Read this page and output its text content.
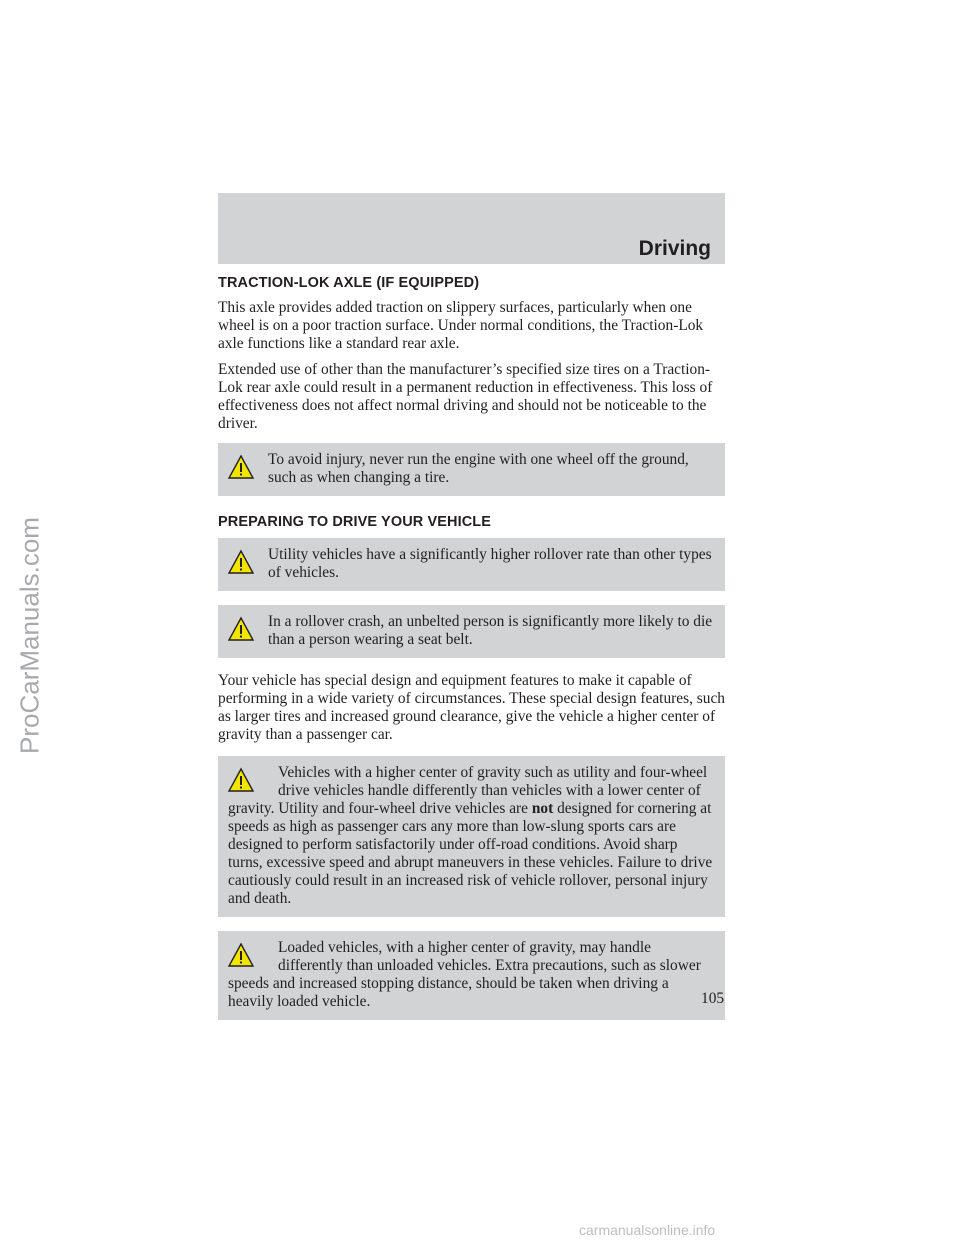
ProCarManuals.com
Driving
TRACTION-LOK AXLE (IF EQUIPPED)

This axle provides added traction on slippery surfaces, particularly when one wheel is on a poor traction surface. Under normal conditions, the Traction-Lok axle functions like a standard rear axle.

Extended use of other than the manufacturer’s specified size tires on a Traction-Lok rear axle could result in a permanent reduction in effectiveness. This loss of effectiveness does not affect normal driving and should not be noticeable to the driver.

To avoid injury, never run the engine with one wheel off the ground, such as when changing a tire.
PREPARING TO DRIVE YOUR VEHICLE
Utility vehicles have a significantly higher rollover rate than other types of vehicles.
In a rollover crash, an unbelted person is significantly more likely to die than a person wearing a seat belt.

Your vehicle has special design and equipment features to make it capable of performing in a wide variety of circumstances. These special design features, such as larger tires and increased ground clearance, give the vehicle a higher center of gravity than a passenger car.

Vehicles with a higher center of gravity such as utility and four-wheel drive vehicles handle differently than vehicles with a lower center of gravity. Utility and four-wheel drive vehicles are not designed for cornering at speeds as high as passenger cars any more than low-slung sports cars are designed to perform satisfactorily under off-road conditions. Avoid sharp turns, excessive speed and abrupt maneuvers in these vehicles. Failure to drive cautiously could result in an increased risk of vehicle rollover, personal injury and death.
Loaded vehicles, with a higher center of gravity, may handle differently than unloaded vehicles. Extra precautions, such as slower speeds and increased stopping distance, should be taken when driving a heavily loaded vehicle.	105
carmanualsonline.info
